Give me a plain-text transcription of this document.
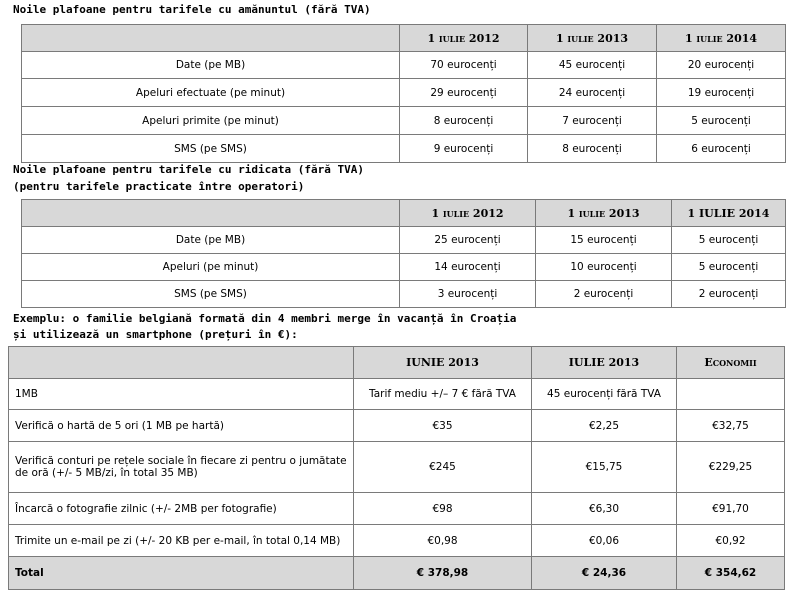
Noile plafoane pentru tarifele cu amănuntul (fără TVA)
	1 iulie 2012	1 iulie 2013	1 iulie 2014
Date (pe MB)	70 eurocenți	45 eurocenți	20 eurocenți
Apeluri efectuate (pe minut)	29 eurocenți	24 eurocenți	19 eurocenți
Apeluri primite (pe minut)	8 eurocenți	7 eurocenți	5 eurocenți
SMS (pe SMS)	9 eurocenți	8 eurocenți	6 eurocenți
Noile plafoane pentru tarifele cu ridicata (fără TVA)
(pentru tarifele practicate între operatori)
	1 iulie 2012	1 iulie 2013	1 IULIE 2014
Date (pe MB)	25 eurocenți	15 eurocenți	5 eurocenți
Apeluri (pe minut)	14 eurocenți	10 eurocenți	5 eurocenți
SMS (pe SMS)	3 eurocenți	2 eurocenți	2 eurocenți
Exemplu: o familie belgiană formată din 4 membri merge în vacanță în Croația
și utilizează un smartphone (prețuri în €):
	IUNIE 2013	IULIE 2013	Economii
1MB	Tarif mediu +/– 7 € fără TVA	45 eurocenți fără TVA	
Verifică o hartă de 5 ori (1 MB pe hartă)	€35	€2,25	€32,75
Verifică conturi pe rețele sociale în fiecare zi pentru o jumătate de oră (+/- 5 MB/zi, în total 35 MB)	€245	€15,75	€229,25
Încarcă o fotografie zilnic (+/- 2MB per fotografie)	€98	€6,30	€91,70
Trimite un e-mail pe zi (+/- 20 KB per e-mail, în total 0,14 MB)	€0,98	€0,06	€0,92
Total	€ 378,98	€ 24,36	€ 354,62
